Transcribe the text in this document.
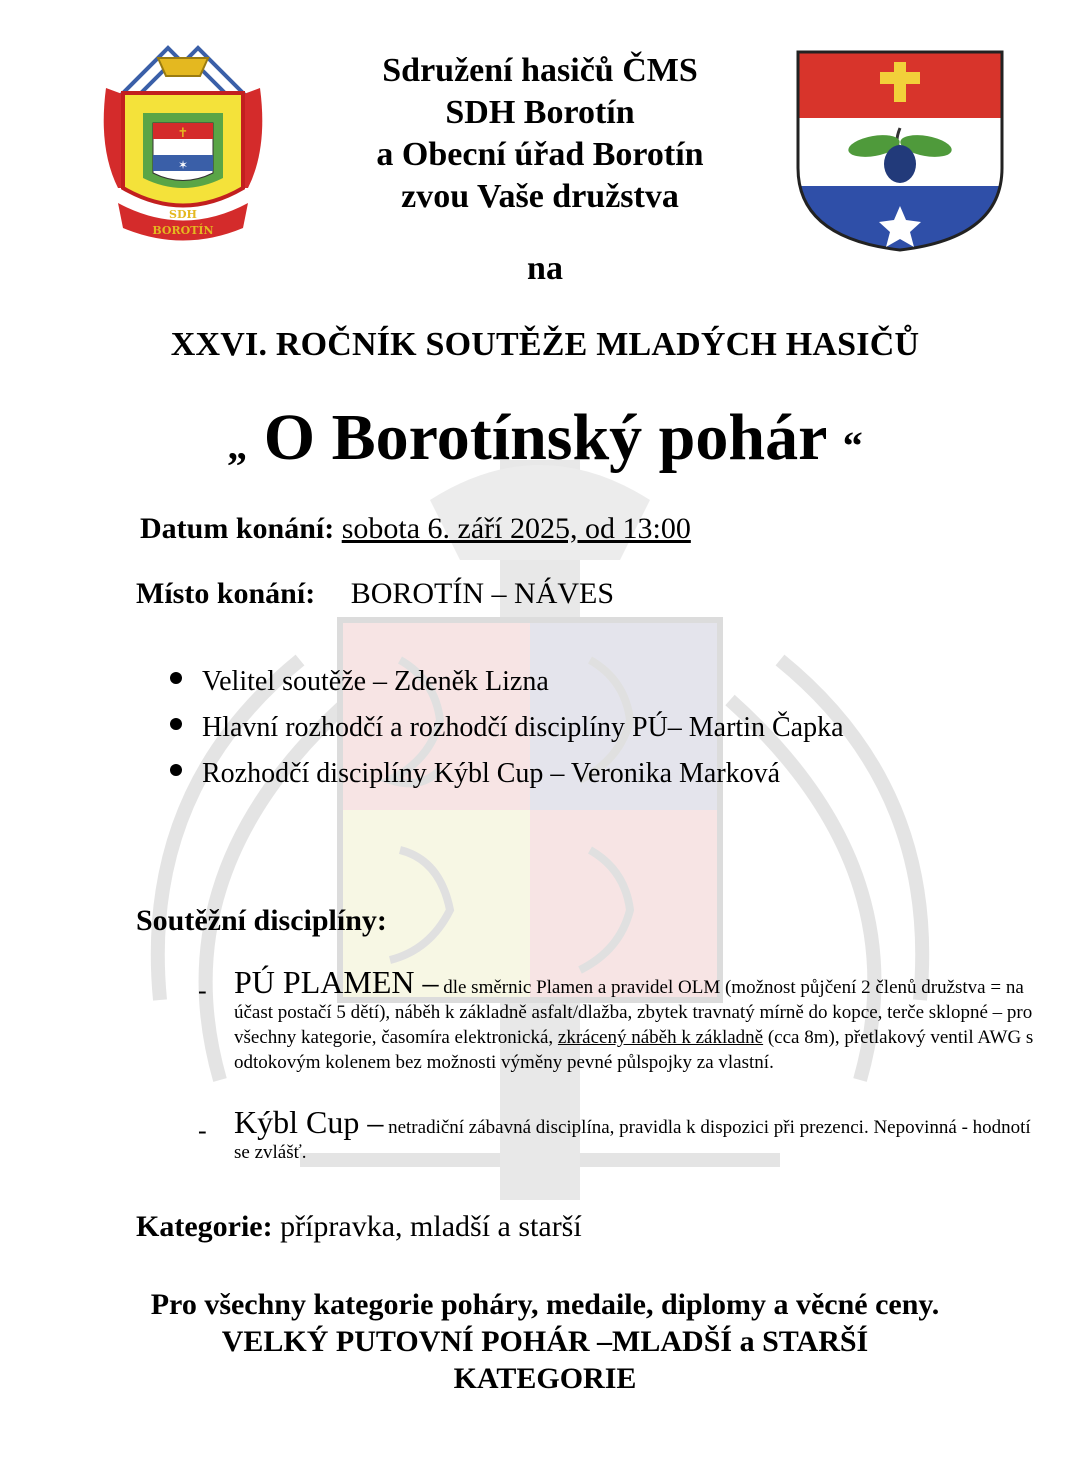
✝
✶
SDH
BOROTÍN
Sdružení hasičů ČMS
SDH Borotín
a Obecní úřad Borotín
zvou Vaše družstva
na
XXVI. ROČNÍK SOUTĚŽE MLADÝCH HASIČŮ
„ O Borotínský pohár “
Datum konání: sobota 6. září 2025, od 13:00
Místo konání: BOROTÍN – NÁVES
Velitel soutěže – Zdeněk Lizna
Hlavní rozhodčí a rozhodčí disciplíny PÚ– Martin Čapka
Rozhodčí disciplíny Kýbl Cup – Veronika Marková
Soutěžní disciplíny:
- PÚ PLAMEN – dle směrnic Plamen a pravidel OLM (možnost půjčení 2 členů družstva = na účast postačí 5 dětí), náběh k základně asfalt/dlažba, zbytek travnatý mírně do kopce, terče sklopné – pro všechny kategorie, časomíra elektronická, zkrácený náběh k základně (cca 8m), přetlakový ventil AWG s odtokovým kolenem bez možnosti výměny pevné půlspojky za vlastní.
- Kýbl Cup – netradiční zábavná disciplína, pravidla k dispozici při prezenci. Nepovinná - hodnotí se zvlášť.
Kategorie: přípravka, mladší a starší
Pro všechny kategorie poháry, medaile, diplomy a věcné ceny.
VELKÝ PUTOVNÍ POHÁR –MLADŠÍ a STARŠÍ
KATEGORIE
